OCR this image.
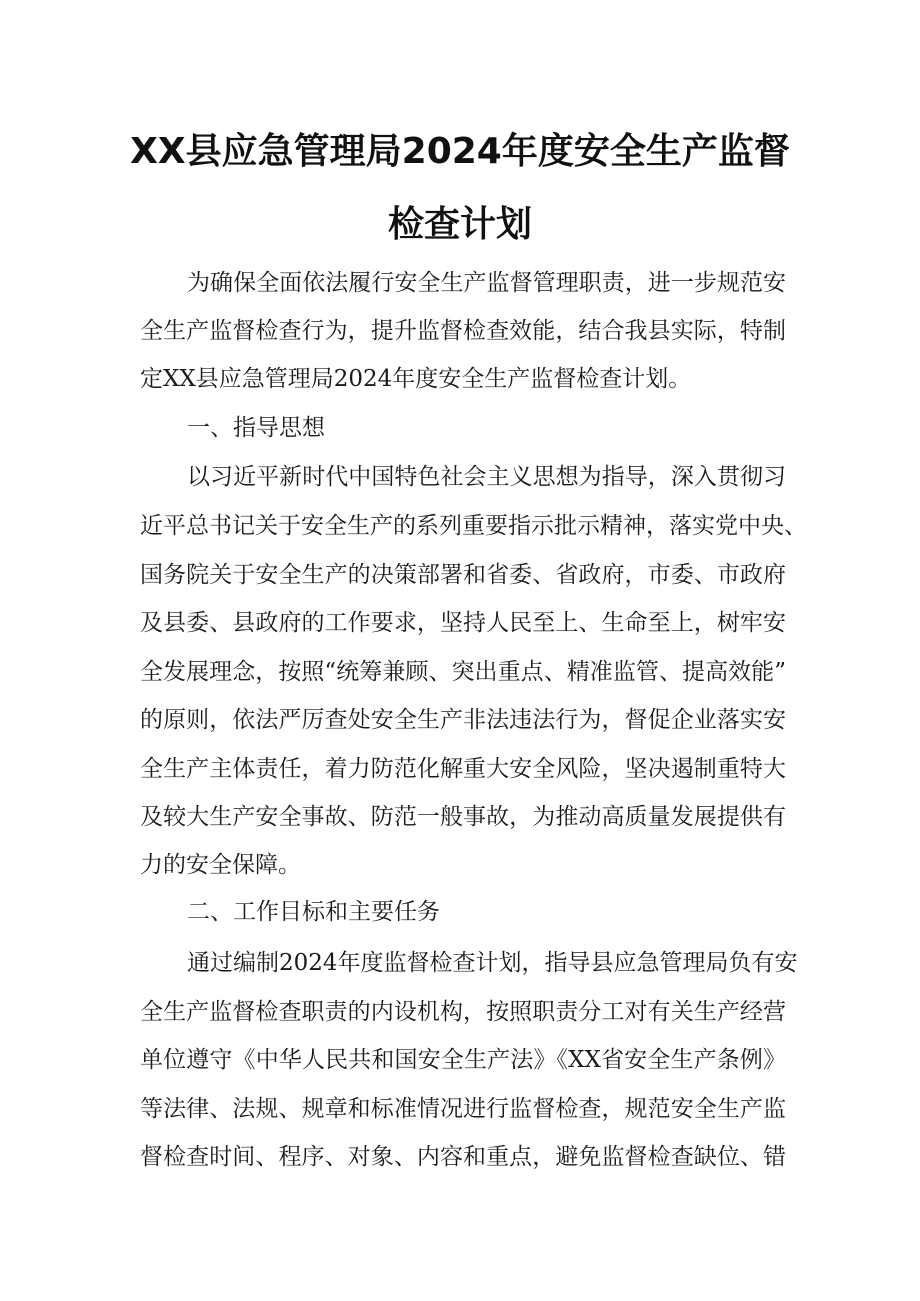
XX县应急管理局2024年度安全生产监督
检查计划
为确保全面依法履行安全生产监督管理职责，进一步规范安
全生产监督检查行为，提升监督检查效能，结合我县实际，特制
定XX县应急管理局2024年度安全生产监督检查计划。
一、指导思想
以习近平新时代中国特色社会主义思想为指导，深入贯彻习
近平总书记关于安全生产的系列重要指示批示精神，落实党中央、
国务院关于安全生产的决策部署和省委、省政府，市委、市政府
及县委、县政府的工作要求，坚持人民至上、生命至上，树牢安
全发展理念，按照“统筹兼顾、突出重点、精准监管、提高效能”
的原则，依法严厉查处安全生产非法违法行为，督促企业落实安
全生产主体责任，着力防范化解重大安全风险，坚决遏制重特大
及较大生产安全事故、防范一般事故，为推动高质量发展提供有
力的安全保障。
二、工作目标和主要任务
通过编制2024年度监督检查计划，指导县应急管理局负有安
全生产监督检查职责的内设机构，按照职责分工对有关生产经营
单位遵守《中华人民共和国安全生产法》《XX省安全生产条例》
等法律、法规、规章和标准情况进行监督检查，规范安全生产监
督检查时间、程序、对象、内容和重点，避免监督检查缺位、错
